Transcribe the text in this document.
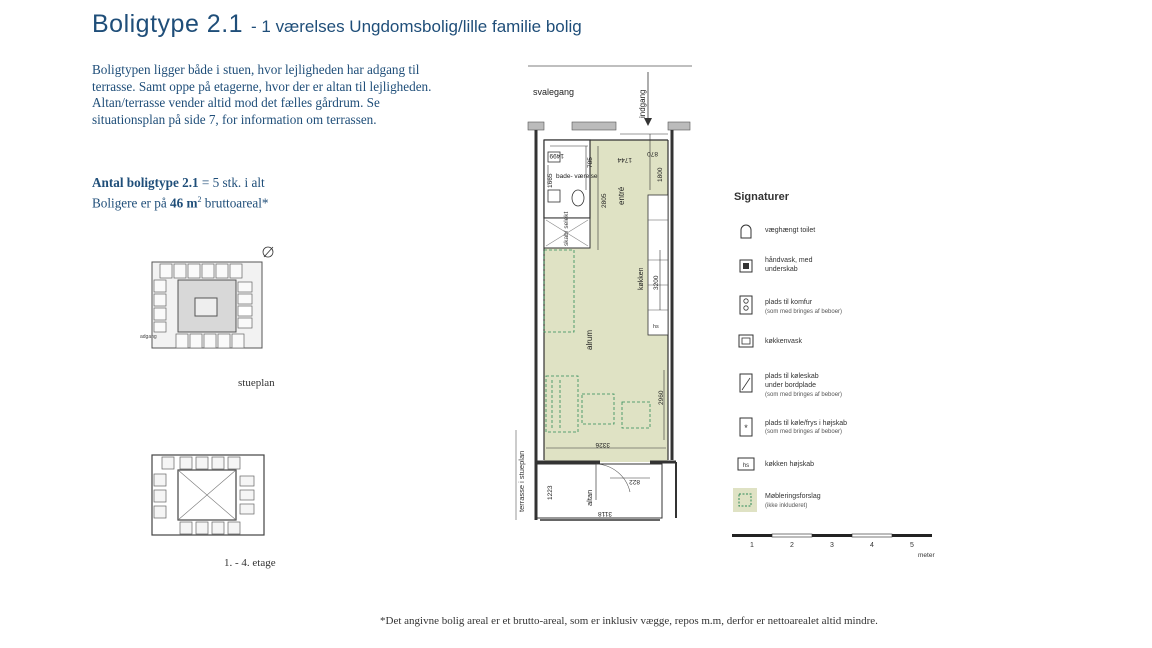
Boligtype 2.1 - 1 værelses Ungdomsbolig/lille familie bolig
Boligtypen ligger både i stuen, hvor lejligheden har adgang til terrasse. Samt oppe på etagerne, hvor der er altan til lejligheden. Altan/terrasse vender altid mod det fælles gårdrum. Se situationsplan på side 7, for information om terrassen.
Antal boligtype 2.1 = 5 stk. i alt
Boligere er på 46 $m^2$ bruttoareal*
adgang
stueplan
1. - 4. etage
svalegang	indgang
bade- værelse
skab/ selekt
hs
entré
alrum
køkken
1499
785
1665
2805
870
1744
1800
3200
2960
3326
altan
terrasse i stueplan	822
1223
3118
Signaturer
væghængt toilet
håndvask, med underskab
plads til komfur
(som med bringes af beboer)
køkkenvask
plads til køleskab under bordplade
(som med bringes af beboer)
* plads til køle/frys i højskab
(som med bringes af beboer)
hs køkken højskab
Møbleringsforslag
(ikke inkluderet)
1	2	3	4	5
meter
*Det angivne bolig areal er et brutto-areal, som er inklusiv vægge, repos m.m, derfor er nettoarealet altid mindre.
